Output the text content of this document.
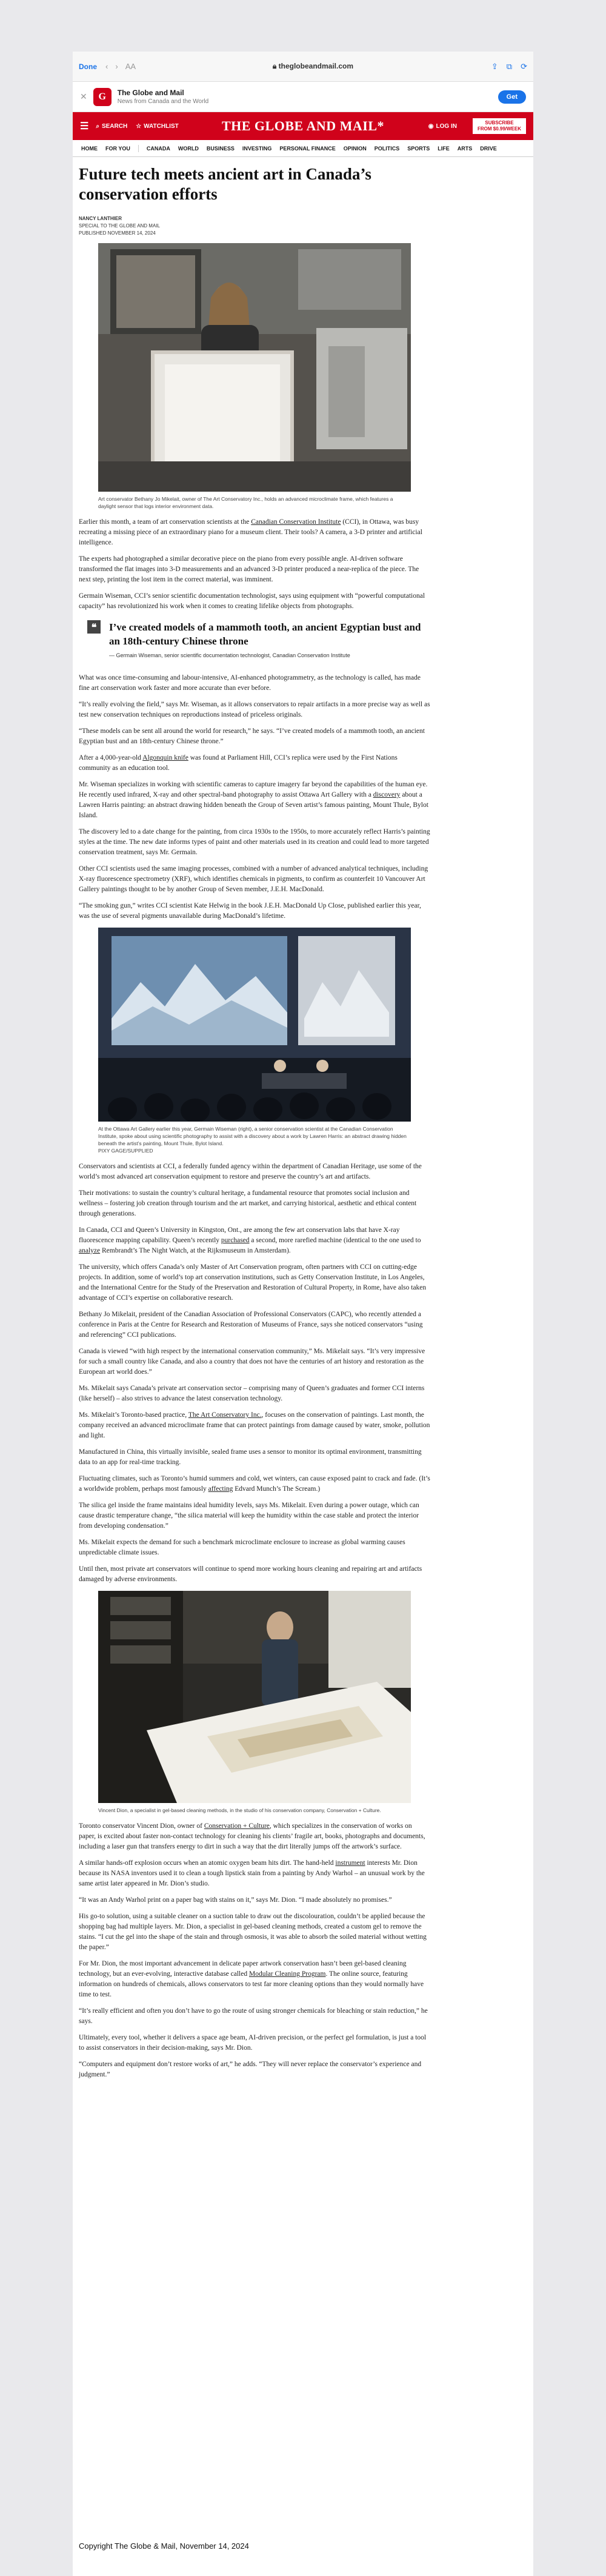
Done ‹ › AA	🔒︎ theglobeandmail.com	⇪ ⧉ ⟳
✕	G	The Globe and Mail
News from Canada and the World
Get
☰ ⌕ SEARCH ☆ WATCHLIST	THE GLOBE AND MAIL*	◉ LOG IN	SUBSCRIBE
FROM $0.99/WEEK
HOME FOR YOU	CANADA WORLD BUSINESS INVESTING PERSONAL FINANCE OPINION POLITICS SPORTS LIFE ARTS DRIVE
Future tech meets ancient art in Canada’s conservation efforts
NANCY LANTHIER
SPECIAL TO THE GLOBE AND MAIL
PUBLISHED NOVEMBER 14, 2024
Art conservator Bethany Jo Mikelait, owner of The Art Conservatory Inc., holds an advanced microclimate frame, which features a daylight sensor that logs interior environment data.

Earlier this month, a team of art conservation scientists at the Canadian Conservation Institute (CCI), in Ottawa, was busy recreating a missing piece of an extraordinary piano for a museum client. Their tools? A camera, a 3-D printer and artificial intelligence.

The experts had photographed a similar decorative piece on the piano from every possible angle. AI-driven software transformed the flat images into 3-D measurements and an advanced 3-D printer produced a near-replica of the piece. The next step, printing the lost item in the correct material, was imminent.

Germain Wiseman, CCI’s senior scientific documentation technologist, says using equipment with “powerful computational capacity” has revolutionized his work when it comes to creating lifelike objects from photographs.

❝	I’ve created models of a mammoth tooth, an ancient Egyptian bust and an 18th-century Chinese throne
— Germain Wiseman, senior scientific documentation technologist, Canadian Conservation Institute

What was once time-consuming and labour-intensive, AI-enhanced photogrammetry, as the technology is called, has made fine art conservation work faster and more accurate than ever before.

“It’s really evolving the field,” says Mr. Wiseman, as it allows conservators to repair artifacts in a more precise way as well as test new conservation techniques on reproductions instead of priceless originals.

“These models can be sent all around the world for research,” he says. “I’ve created models of a mammoth tooth, an ancient Egyptian bust and an 18th-century Chinese throne.”

After a 4,000-year-old Algonquin knife was found at Parliament Hill, CCI’s replica were used by the First Nations community as an education tool.

Mr. Wiseman specializes in working with scientific cameras to capture imagery far beyond the capabilities of the human eye. He recently used infrared, X-ray and other spectral-band photography to assist Ottawa Art Gallery with a discovery about a Lawren Harris painting: an abstract drawing hidden beneath the Group of Seven artist’s famous painting, Mount Thule, Bylot Island.

The discovery led to a date change for the painting, from circa 1930s to the 1950s, to more accurately reflect Harris’s painting styles at the time. The new date informs types of paint and other materials used in its creation and could lead to more targeted conservation treatment, says Mr. Germain.

Other CCI scientists used the same imaging processes, combined with a number of advanced analytical techniques, including X-ray fluorescence spectrometry (XRF), which identifies chemicals in pigments, to confirm as counterfeit 10 Vancouver Art Gallery paintings thought to be by another Group of Seven member, J.E.H. MacDonald.

“The smoking gun,” writes CCI scientist Kate Helwig in the book J.E.H. MacDonald Up Close, published earlier this year, was the use of several pigments unavailable during MacDonald’s lifetime.

At the Ottawa Art Gallery earlier this year, Germain Wiseman (right), a senior conservation scientist at the Canadian Conservation Institute, spoke about using scientific photography to assist with a discovery about a work by Lawren Harris: an abstract drawing hidden beneath the artist’s painting, Mount Thule, Bylot Island.
PIXY GAGE/SUPPLIED

Conservators and scientists at CCI, a federally funded agency within the department of Canadian Heritage, use some of the world’s most advanced art conservation equipment to restore and preserve the country’s art and artifacts.

Their motivations: to sustain the country’s cultural heritage, a fundamental resource that promotes social inclusion and wellness – fostering job creation through tourism and the art market, and carrying historical, aesthetic and ethical content through generations.

In Canada, CCI and Queen’s University in Kingston, Ont., are among the few art conservation labs that have X-ray fluorescence mapping capability. Queen’s recently purchased a second, more rarefied machine (identical to the one used to analyze Rembrandt’s The Night Watch, at the Rijksmuseum in Amsterdam).

The university, which offers Canada’s only Master of Art Conservation program, often partners with CCI on cutting-edge projects. In addition, some of world’s top art conservation institutions, such as Getty Conservation Institute, in Los Angeles, and the International Centre for the Study of the Preservation and Restoration of Cultural Property, in Rome, have also taken advantage of CCI’s expertise on collaborative research.

Bethany Jo Mikelait, president of the Canadian Association of Professional Conservators (CAPC), who recently attended a conference in Paris at the Centre for Research and Restoration of Museums of France, says she noticed conservators “using and referencing” CCI publications.

Canada is viewed “with high respect by the international conservation community,” Ms. Mikelait says. “It’s very impressive for such a small country like Canada, and also a country that does not have the centuries of art history and restoration as the European art world does.”

Ms. Mikelait says Canada’s private art conservation sector – comprising many of Queen’s graduates and former CCI interns (like herself) – also strives to advance the latest conservation technology.

Ms. Mikelait’s Toronto-based practice, The Art Conservatory Inc., focuses on the conservation of paintings. Last month, the company received an advanced microclimate frame that can protect paintings from damage caused by water, smoke, pollution and light.

Manufactured in China, this virtually invisible, sealed frame uses a sensor to monitor its optimal environment, transmitting data to an app for real-time tracking.

Fluctuating climates, such as Toronto’s humid summers and cold, wet winters, can cause exposed paint to crack and fade. (It’s a worldwide problem, perhaps most famously affecting Edvard Munch’s The Scream.)

The silica gel inside the frame maintains ideal humidity levels, says Ms. Mikelait. Even during a power outage, which can cause drastic temperature change, “the silica material will keep the humidity within the case stable and protect the interior from developing condensation.”

Ms. Mikelait expects the demand for such a benchmark microclimate enclosure to increase as global warming causes unpredictable climate issues.

Until then, most private art conservators will continue to spend more working hours cleaning and repairing art and artifacts damaged by adverse environments.

Vincent Dion, a specialist in gel-based cleaning methods, in the studio of his conservation company, Conservation + Culture.

Toronto conservator Vincent Dion, owner of Conservation + Culture, which specializes in the conservation of works on paper, is excited about faster non-contact technology for cleaning his clients’ fragile art, books, photographs and documents, including a laser gun that transfers energy to dirt in such a way that the dirt literally jumps off the artwork’s surface.

A similar hands-off explosion occurs when an atomic oxygen beam hits dirt. The hand-held instrument interests Mr. Dion because its NASA inventors used it to clean a tough lipstick stain from a painting by Andy Warhol – an unusual work by the same artist later appeared in Mr. Dion’s studio.

“It was an Andy Warhol print on a paper bag with stains on it,” says Mr. Dion. “I made absolutely no promises.”

His go-to solution, using a suitable cleaner on a suction table to draw out the discolouration, couldn’t be applied because the shopping bag had multiple layers. Mr. Dion, a specialist in gel-based cleaning methods, created a custom gel to remove the stains. “I cut the gel into the shape of the stain and through osmosis, it was able to absorb the soiled material without wetting the paper.”

For Mr. Dion, the most important advancement in delicate paper artwork conservation hasn’t been gel-based cleaning technology, but an ever-evolving, interactive database called Modular Cleaning Program. The online source, featuring information on hundreds of chemicals, allows conservators to test far more cleaning options than they would normally have time to test.

“It’s really efficient and often you don’t have to go the route of using stronger chemicals for bleaching or stain reduction,” he says.

Ultimately, every tool, whether it delivers a space age beam, AI-driven precision, or the perfect gel formulation, is just a tool to assist conservators in their decision-making, says Mr. Dion.

“Computers and equipment don’t restore works of art,” he adds. “They will never replace the conservator’s experience and judgment.”

Copyright The Globe & Mail, November 14, 2024
